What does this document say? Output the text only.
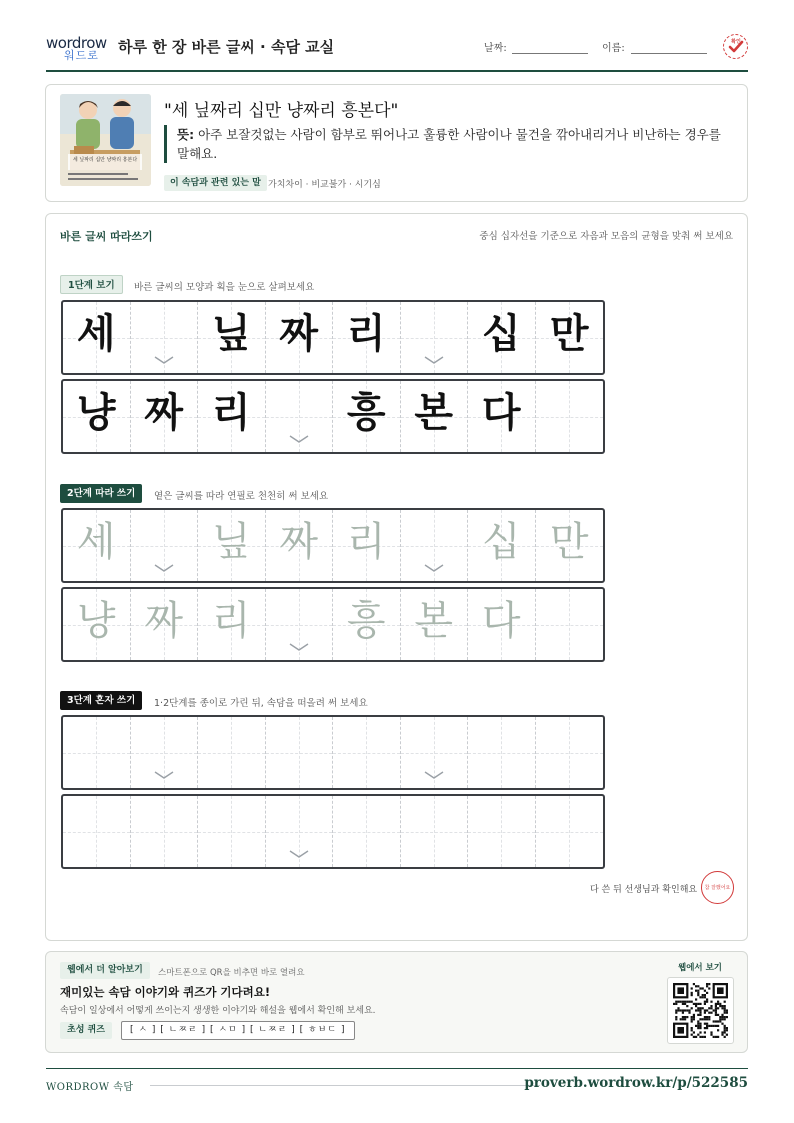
wordrow
워드로 하루 한 장 바른 글씨 · 속담 교실	날짜:	이름:
확인
세 닢짜리 십만 냥짜리 흥본다
"세 닢짜리 십만 냥짜리 흥본다"
뜻: 아주 보잘것없는 사람이 함부로 뛰어나고 훌륭한 사람이나 물건을 깎아내리거나 비난하는 경우를 말해요.
이 속담과 관련 있는 말 가치차이 · 비교불가 · 시기심
바른 글씨 따라쓰기	중심 십자선을 기준으로 자음과 모음의 균형을 맞춰 써 보세요
1단계 보기	바른 글씨의 모양과 획을 눈으로 살펴보세요
세	닢 짜 리	십 만
냥 짜 리	흥 본 다
2단계 따라 쓰기	옅은 글씨를 따라 연필로 천천히 써 보세요
세	닢 짜 리	십 만
냥 짜 리	흥 본 다
3단계 혼자 쓰기	1·2단계를 종이로 가린 뒤, 속담을 떠올려 써 보세요
다 쓴 뒤 선생님과 확인해요	참 잘했어요
웹에서 더 알아보기	스마트폰으로 QR을 비추면 바로 열려요
재미있는 속담 이야기와 퀴즈가 기다려요!
속담이 일상에서 어떻게 쓰이는지 생생한 이야기와 해설을 웹에서 확인해 보세요.
초성 퀴즈	[ ㅅ ] [ ㄴㅉㄹ ] [ ㅅㅁ ] [ ㄴㅉㄹ ] [ ㅎㅂㄷ ]
웹에서 보기
WORDROW 속담	proverb.wordrow.kr/p/522585
